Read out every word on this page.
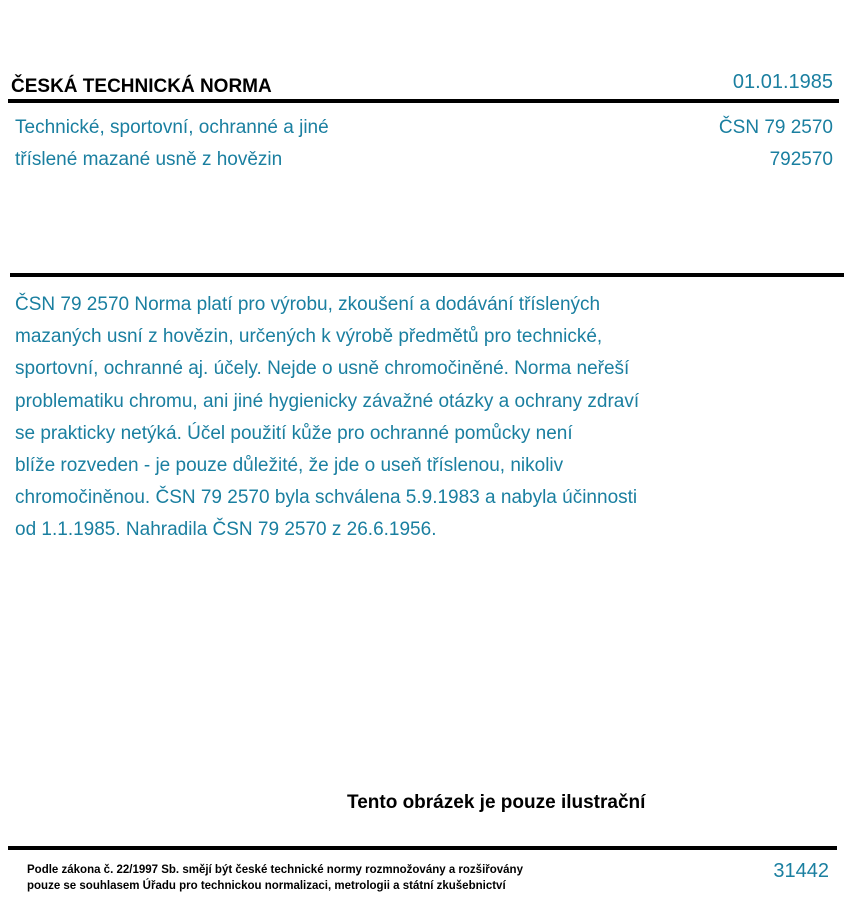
ČESKÁ TECHNICKÁ NORMA	01.01.1985
Technické, sportovní, ochranné a jiné
tříslené mazané usně z hovězin
ČSN 79 2570
792570
ČSN 79 2570 Norma platí pro výrobu, zkoušení a dodávání tříslených
mazaných usní z hovězin, určených k výrobě předmětů pro technické,
sportovní, ochranné aj. účely. Nejde o usně chromočiněné. Norma neřeší
problematiku chromu, ani jiné hygienicky závažné otázky a ochrany zdraví
se prakticky netýká. Účel použití kůže pro ochranné pomůcky není
blíže rozveden - je pouze důležité, že jde o useň tříslenou, nikoliv
chromočiněnou. ČSN 79 2570 byla schválena 5.9.1983 a nabyla účinnosti
od 1.1.1985. Nahradila ČSN 79 2570 z 26.6.1956.
Tento obrázek je pouze ilustrační
Podle zákona č. 22/1997 Sb. smějí být české technické normy rozmnožovány a rozšiřovány
pouze se souhlasem Úřadu pro technickou normalizaci, metrologii a státní zkušebnictví
31442
